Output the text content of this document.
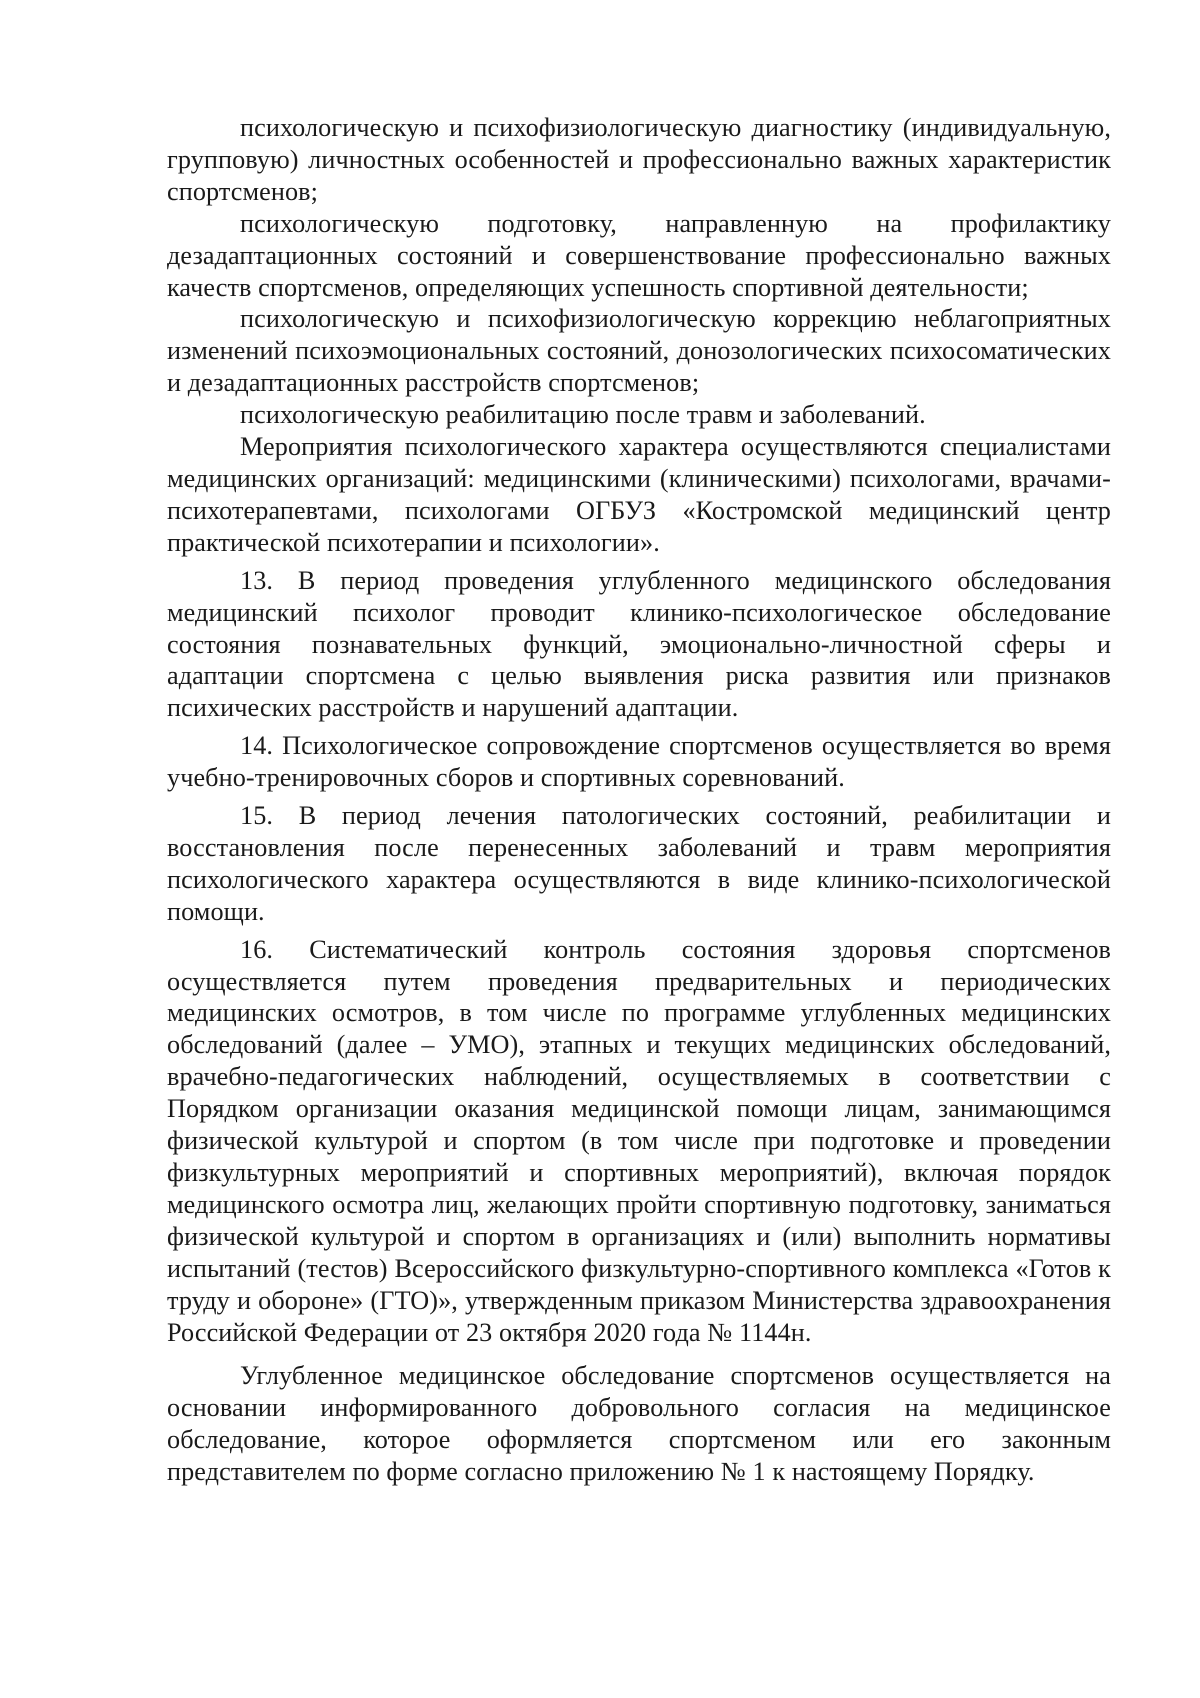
психологическую и психофизиологическую диагностику (индивидуальную, групповую) личностных особенностей и профессионально важных характеристик спортсменов;

психологическую подготовку, направленную на профилактику дезадаптационных состояний и совершенствование профессионально важных качеств спортсменов, определяющих успешность спортивной деятельности;

психологическую и психофизиологическую коррекцию неблагоприятных изменений психоэмоциональных состояний, донозологических психосоматических и дезадаптационных расстройств спортсменов;

психологическую реабилитацию после травм и заболеваний.

Мероприятия психологического характера осуществляются специалистами медицинских организаций: медицинскими (клиническими) психологами, врачами-психотерапевтами, психологами ОГБУЗ «Костромской медицинский центр практической психотерапии и психологии».

13. В период проведения углубленного медицинского обследования медицинский психолог проводит клинико-психологическое обследование состояния познавательных функций, эмоционально-личностной сферы и адаптации спортсмена с целью выявления риска развития или признаков психических расстройств и нарушений адаптации.

14. Психологическое сопровождение спортсменов осуществляется во время учебно-тренировочных сборов и спортивных соревнований.

15. В период лечения патологических состояний, реабилитации и восстановления после перенесенных заболеваний и травм мероприятия психологического характера осуществляются в виде клинико-психологической помощи.

16. Систематический контроль состояния здоровья спортсменов осуществляется путем проведения предварительных и периодических медицинских осмотров, в том числе по программе углубленных медицинских обследований (далее – УМО), этапных и текущих медицинских обследований, врачебно-педагогических наблюдений, осуществляемых в соответствии с Порядком организации оказания медицинской помощи лицам, занимающимся физической культурой и спортом (в том числе при подготовке и проведении физкультурных мероприятий и спортивных мероприятий), включая порядок медицинского осмотра лиц, желающих пройти спортивную подготовку, заниматься физической культурой и спортом в организациях и (или) выполнить нормативы испытаний (тестов) Всероссийского физкультурно-спортивного комплекса «Готов к труду и обороне» (ГТО)», утвержденным приказом Министерства здравоохранения Российской Федерации от 23 октября 2020 года № 1144н.

Углубленное медицинское обследование спортсменов осуществляется на основании информированного добровольного согласия на медицинское обследование, которое оформляется спортсменом или его законным представителем по форме согласно приложению № 1 к настоящему Порядку.
